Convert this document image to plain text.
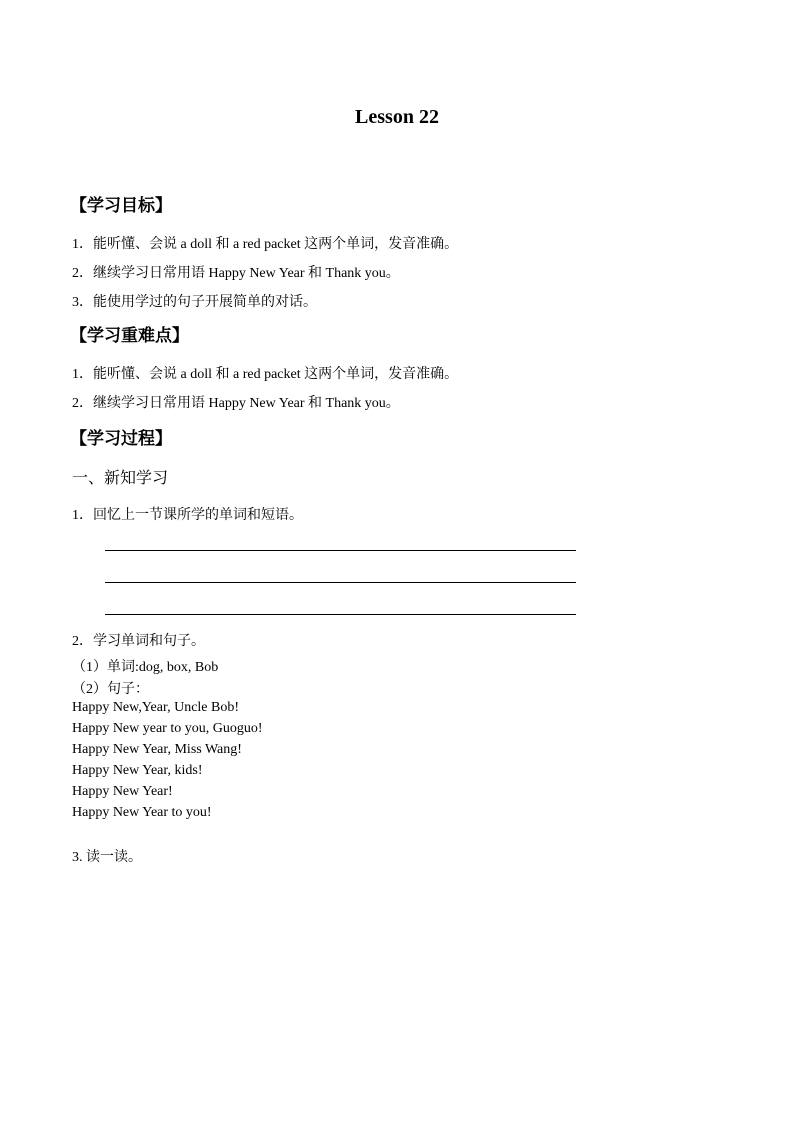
Lesson 22
【学习目标】
1．能听懂、会说 a doll 和 a red packet 这两个单词，发音准确。
2．继续学习日常用语 Happy New Year 和 Thank you。
3．能使用学过的句子开展简单的对话。
【学习重难点】
1．能听懂、会说 a doll 和 a red packet 这两个单词，发音准确。
2．继续学习日常用语 Happy New Year 和 Thank you。
【学习过程】
一、新知学习
1．回忆上一节课所学的单词和短语。
2．学习单词和句子。
（1）单词:dog, box, Bob
（2）句子：
Happy New,Year, Uncle Bob!
Happy New year to you, Guoguo!
Happy New Year, Miss Wang!
Happy New Year, kids!
Happy New Year!
Happy New Year to you!
3. 读一读。
